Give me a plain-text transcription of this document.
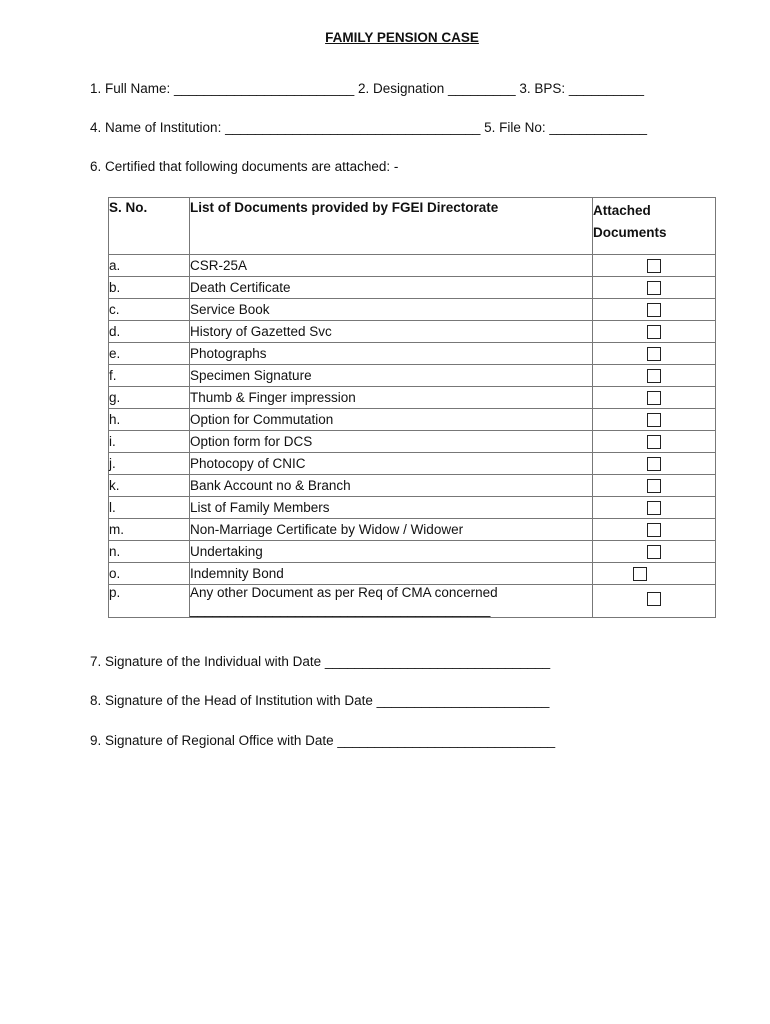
FAMILY PENSION CASE
1. Full Name: ________________________ 2. Designation _________ 3. BPS: __________
4. Name of Institution: __________________________________ 5. File No: _____________
6. Certified that following documents are attached: -
S. No.	List of Documents provided by FGEI Directorate	Attached
Documents
a.	CSR-25A	
b.	Death Certificate	
c.	Service Book	
d.	History of Gazetted Svc	
e.	Photographs	
f.	Specimen Signature	
g.	Thumb & Finger impression	
h.	Option for Commutation	
i.	Option form for DCS	
j.	Photocopy of CNIC	
k.	Bank Account no & Branch	
l.	List of Family Members	
m.	Non-Marriage Certificate by Widow / Widower	
n.	Undertaking	
o.	Indemnity Bond	
p.	Any other Document as per Req of CMA concerned
________________________________________	

7. Signature of the Individual with Date ______________________________
8. Signature of the Head of Institution with Date _______________________
9. Signature of Regional Office with Date _____________________________
